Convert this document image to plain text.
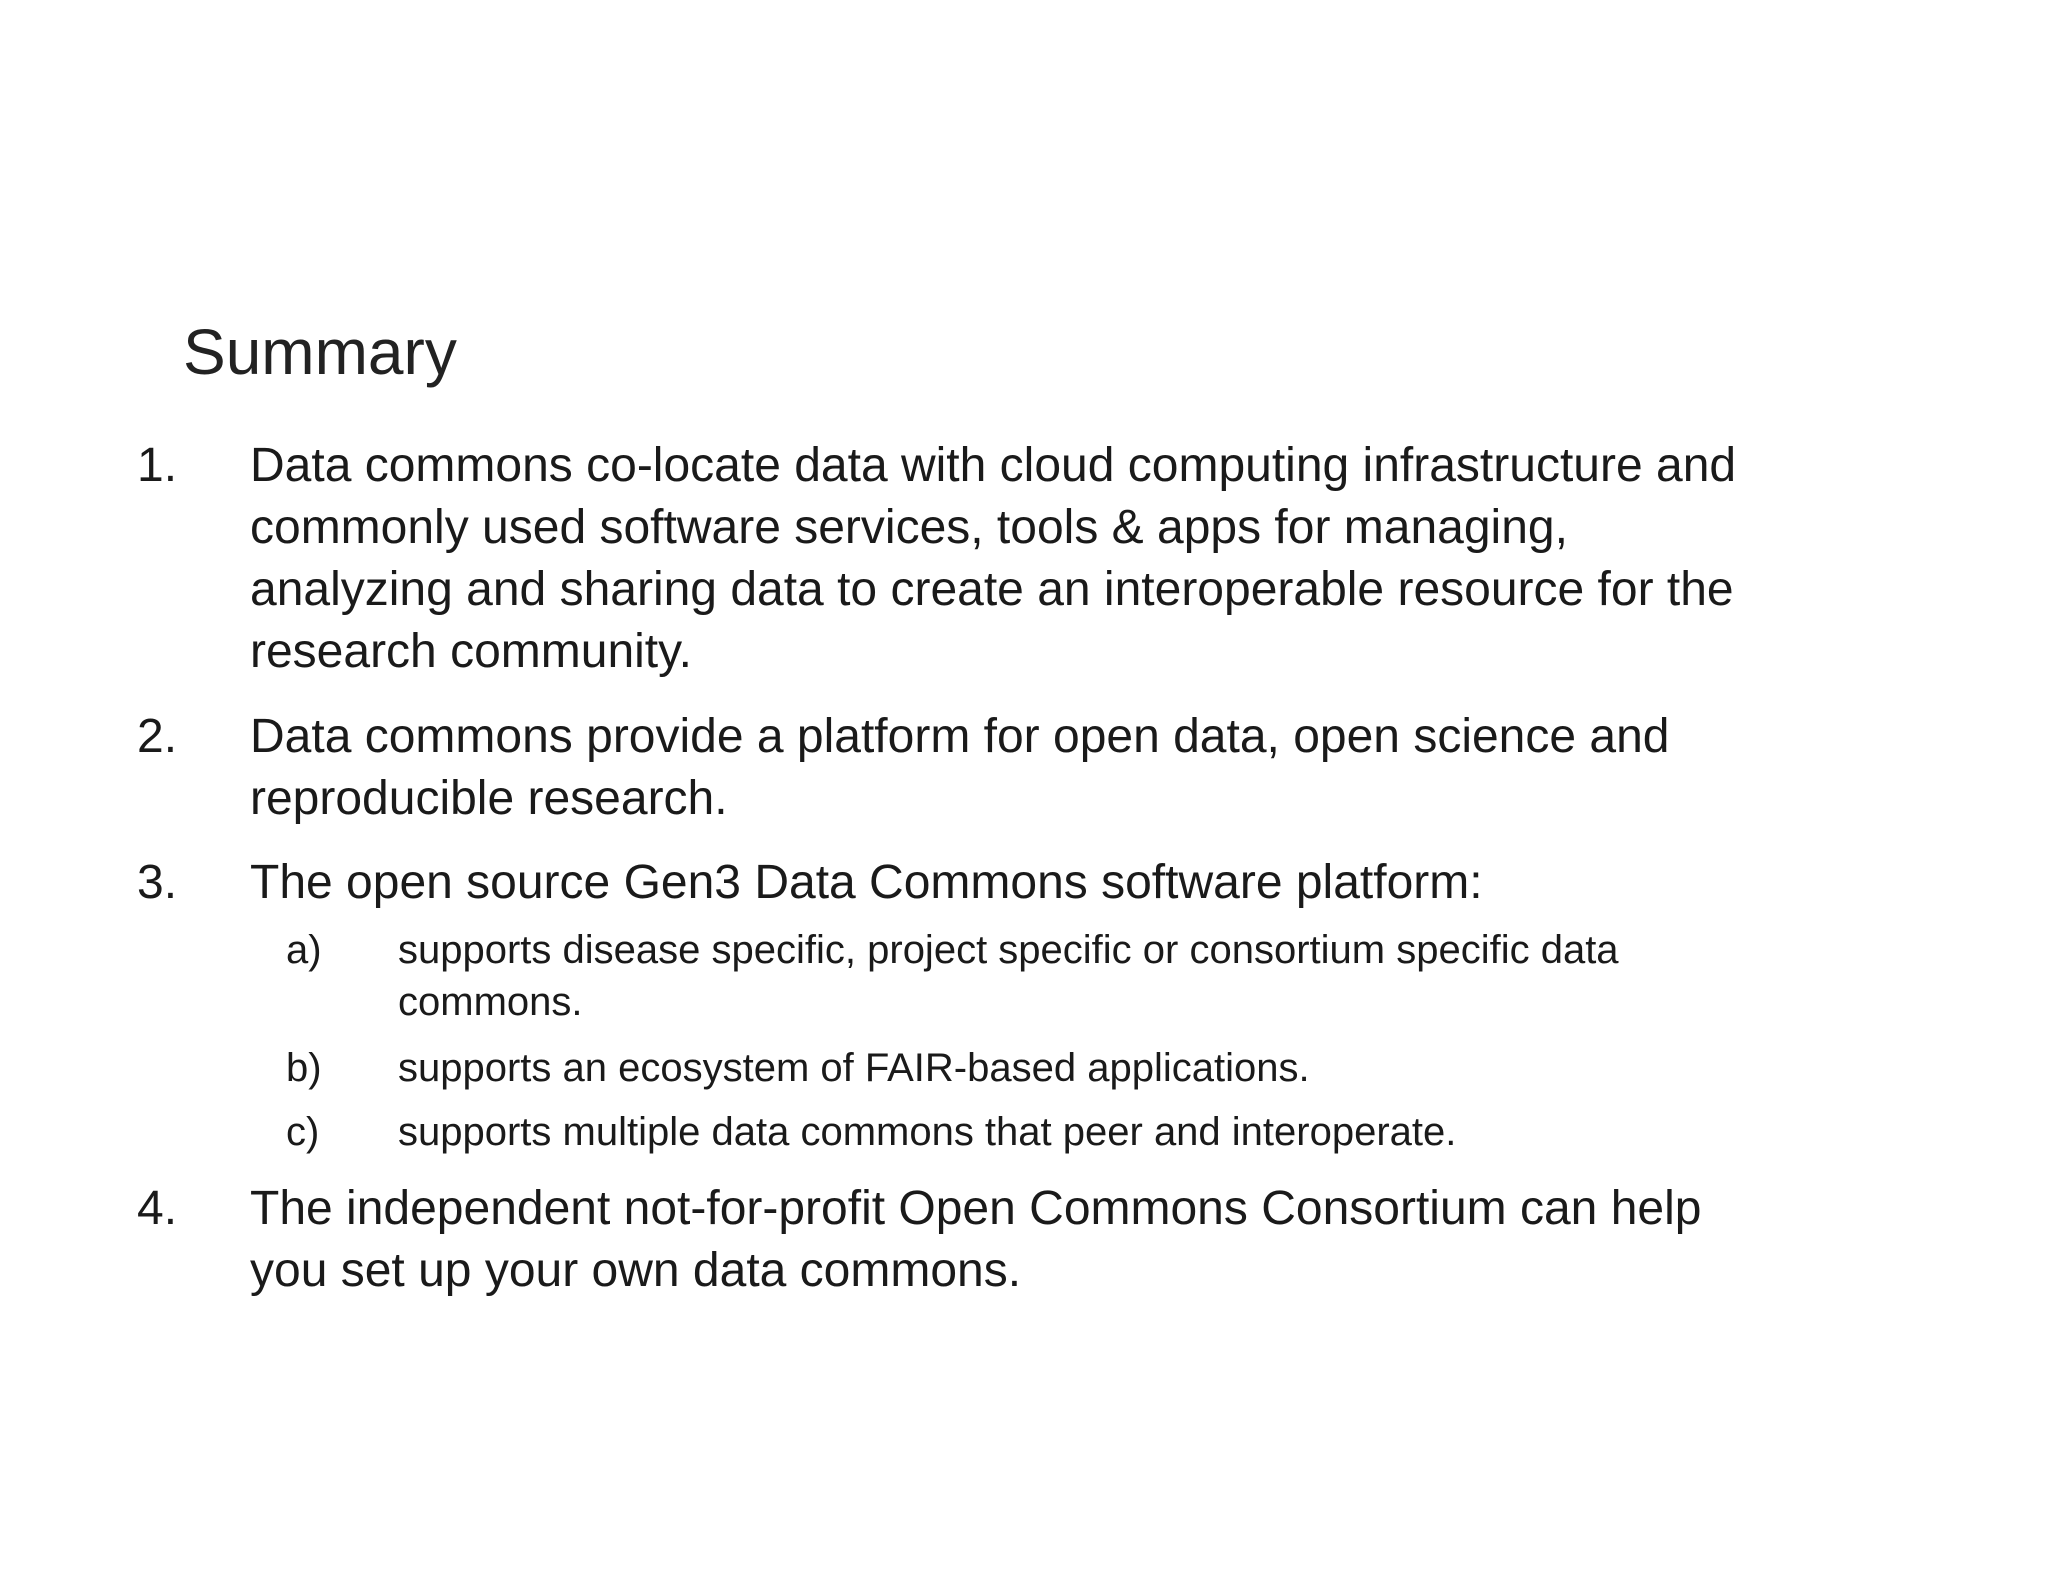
Summary
1. Data commons co-locate data with cloud computing infrastructure and
commonly used software services, tools & apps for managing,
analyzing and sharing data to create an interoperable resource for the
research community.
2. Data commons provide a platform for open data, open science and
reproducible research.
3. The open source Gen3 Data Commons software platform:
a) supports disease specific, project specific or consortium specific data
commons.
b) supports an ecosystem of FAIR-based applications.
c) supports multiple data commons that peer and interoperate.
4. The independent not-for-profit Open Commons Consortium can help
you set up your own data commons.
